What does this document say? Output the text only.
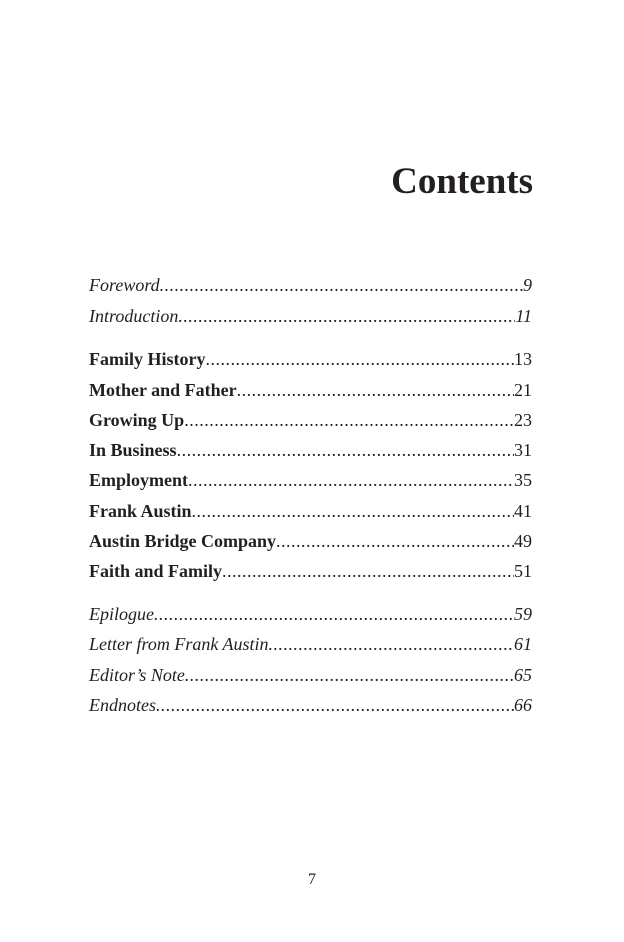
Contents
Foreword .....	9
Introduction .....	11
Family History .....	13
Mother and Father .....	21
Growing Up .....	23
In Business .....	31
Employment .....	35
Frank Austin .....	41
Austin Bridge Company .....	49
Faith and Family .....	51
Epilogue .....	59
Letter from Frank Austin .....	61
Editor’s Note .....	65
Endnotes .....	66
7
